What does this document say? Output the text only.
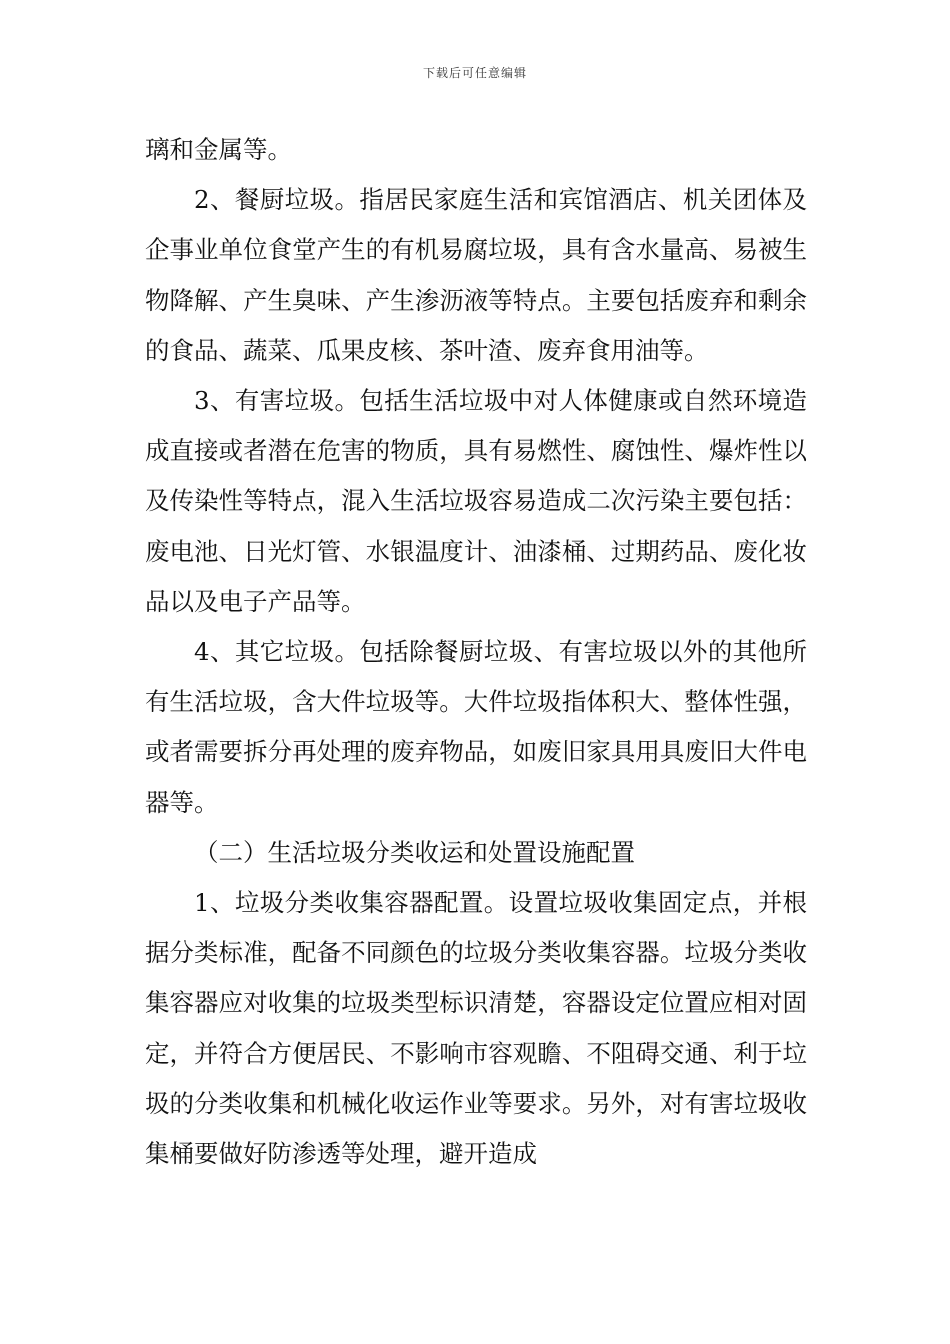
下载后可任意编辑

璃和金属等。

2、餐厨垃圾。指居民家庭生活和宾馆酒店、机关团体及企事业单位食堂产生的有机易腐垃圾，具有含水量高、易被生物降解、产生臭味、产生渗沥液等特点。主要包括废弃和剩余的食品、蔬菜、瓜果皮核、茶叶渣、废弃食用油等。

3、有害垃圾。包括生活垃圾中对人体健康或自然环境造成直接或者潜在危害的物质，具有易燃性、腐蚀性、爆炸性以及传染性等特点，混入生活垃圾容易造成二次污染主要包括：废电池、日光灯管、水银温度计、油漆桶、过期药品、废化妆品以及电子产品等。

4、其它垃圾。包括除餐厨垃圾、有害垃圾以外的其他所有生活垃圾，含大件垃圾等。大件垃圾指体积大、整体性强，或者需要拆分再处理的废弃物品，如废旧家具用具废旧大件电器等。

（二）生活垃圾分类收运和处置设施配置

1、垃圾分类收集容器配置。设置垃圾收集固定点，并根据分类标准，配备不同颜色的垃圾分类收集容器。垃圾分类收集容器应对收集的垃圾类型标识清楚，容器设定位置应相对固定，并符合方便居民、不影响市容观瞻、不阻碍交通、利于垃圾的分类收集和机械化收运作业等要求。另外，对有害垃圾收集桶要做好防渗透等处理，避开造成
